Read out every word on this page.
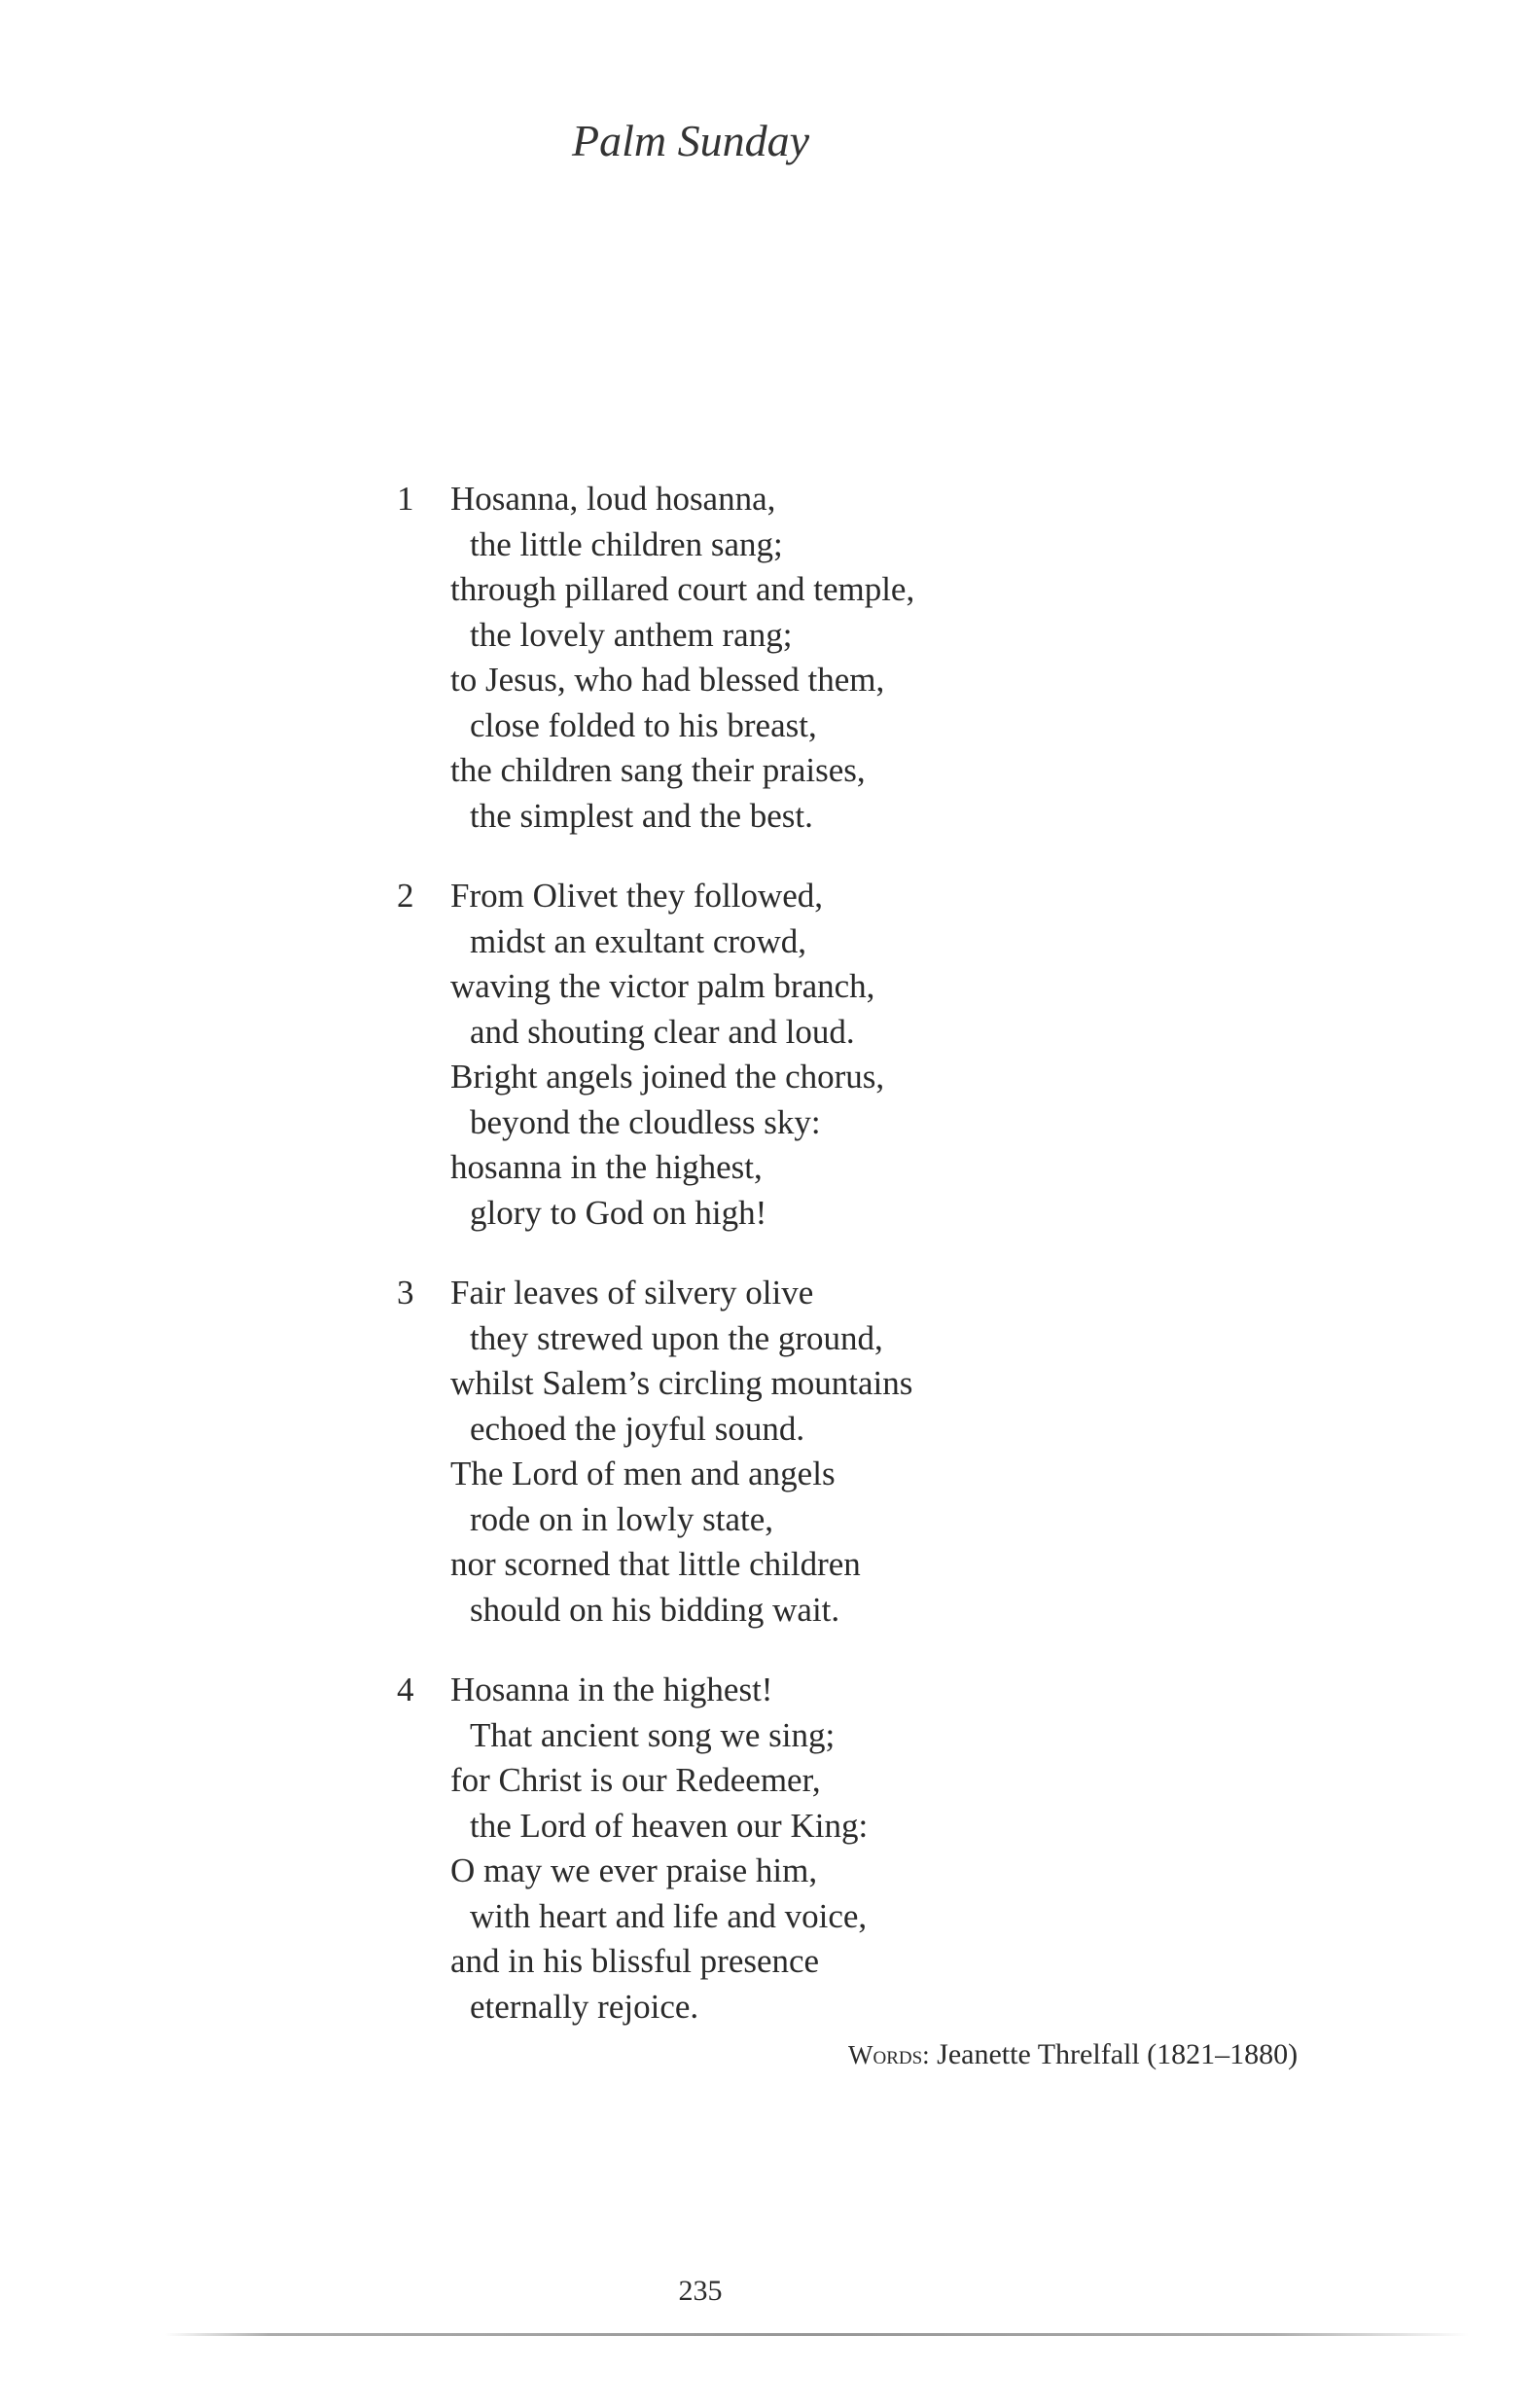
Palm Sunday
1	Hosanna, loud hosanna,
the little children sang;
through pillared court and temple,
the lovely anthem rang;
to Jesus, who had blessed them,
close folded to his breast,
the children sang their praises,
the simplest and the best.
2	From Olivet they followed,
midst an exultant crowd,
waving the victor palm branch,
and shouting clear and loud.
Bright angels joined the chorus,
beyond the cloudless sky:
hosanna in the highest,
glory to God on high!
3	Fair leaves of silvery olive
they strewed upon the ground,
whilst Salem’s circling mountains
echoed the joyful sound.
The Lord of men and angels
rode on in lowly state,
nor scorned that little children
should on his bidding wait.
4	Hosanna in the highest!
That ancient song we sing;
for Christ is our Redeemer,
the Lord of heaven our King:
O may we ever praise him,
with heart and life and voice,
and in his blissful presence
eternally rejoice.
Words: Jeanette Threlfall (1821–1880)
235
